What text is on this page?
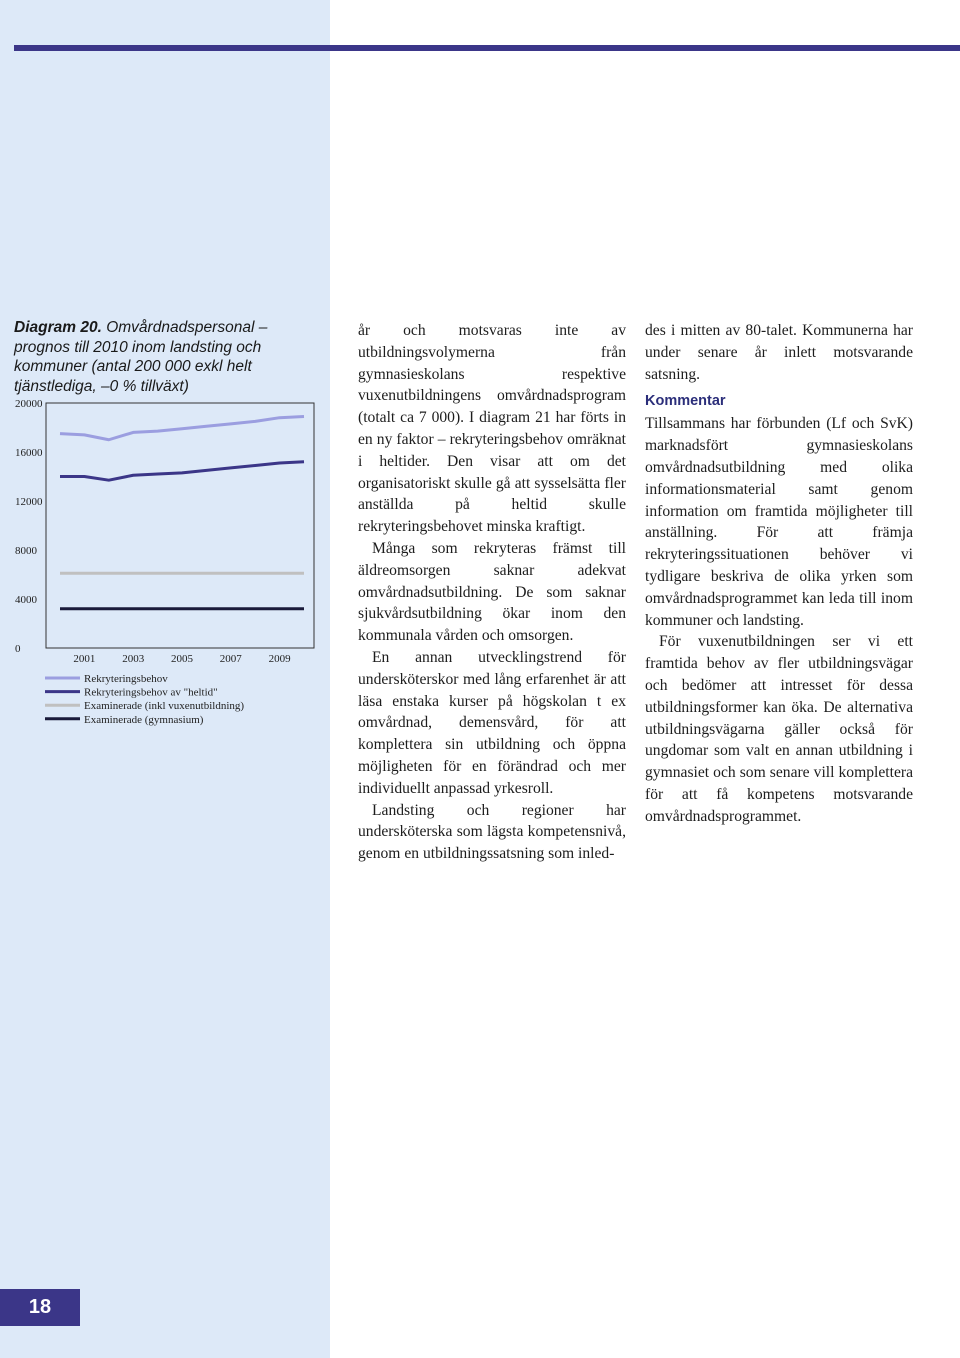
Diagram 20. Omvårdnadspersonal – prognos till 2010 inom landsting och kommuner (antal 200 000 exkl helt tjänstlediga, –0 % tillväxt)
0
4000
8000
12000
16000
20000
2001 2003 2005 2007 2009
Rekryteringsbehov
Rekryteringsbehov av "heltid"
Examinerade (inkl vuxenutbildning)
Examinerade (gymnasium)

år och motsvaras inte av utbildningsvolymerna från gymnasieskolans respektive vuxenutbildningens omvårdnadsprogram (totalt ca 7 000). I diagram 21 har förts in en ny faktor – rekryteringsbehov omräknat i heltider. Den visar att om det organisatoriskt skulle gå att sysselsätta fler anställda på heltid skulle rekryteringsbehovet minska kraftigt.

Många som rekryteras främst till äldreomsorgen saknar adekvat omvårdnadsutbildning. De som saknar sjukvårdsutbildning ökar inom den kommunala vården och omsorgen.

En annan utvecklingstrend för undersköterskor med lång erfarenhet är att läsa enstaka kurser på högskolan t ex omvårdnad, demensvård, för att komplettera sin utbildning och öppna möjligheten för en förändrad och mer individuellt anpassad yrkesroll.

Landsting och regioner har undersköterska som lägsta kompetensnivå, genom en utbildningssatsning som inled-

des i mitten av 80-talet. Kommunerna har under senare år inlett motsvarande satsning.

Kommentar

Tillsammans har förbunden (Lf och SvK) marknadsfört gymnasieskolans omvårdnadsutbildning med olika informationsmaterial samt genom information om framtida möjligheter till anställning. För att främja rekryteringssituationen behöver vi tydligare beskriva de olika yrken som omvårdnadsprogrammet kan leda till inom kommuner och landsting.

För vuxenutbildningen ser vi ett framtida behov av fler utbildningsvägar och bedömer att intresset för dessa utbildningsformer kan öka. De alternativa utbildningsvägarna gäller också för ungdomar som valt en annan utbildning i gymnasiet och som senare vill komplettera för att få kompetens motsvarande omvårdnadsprogrammet.

18
